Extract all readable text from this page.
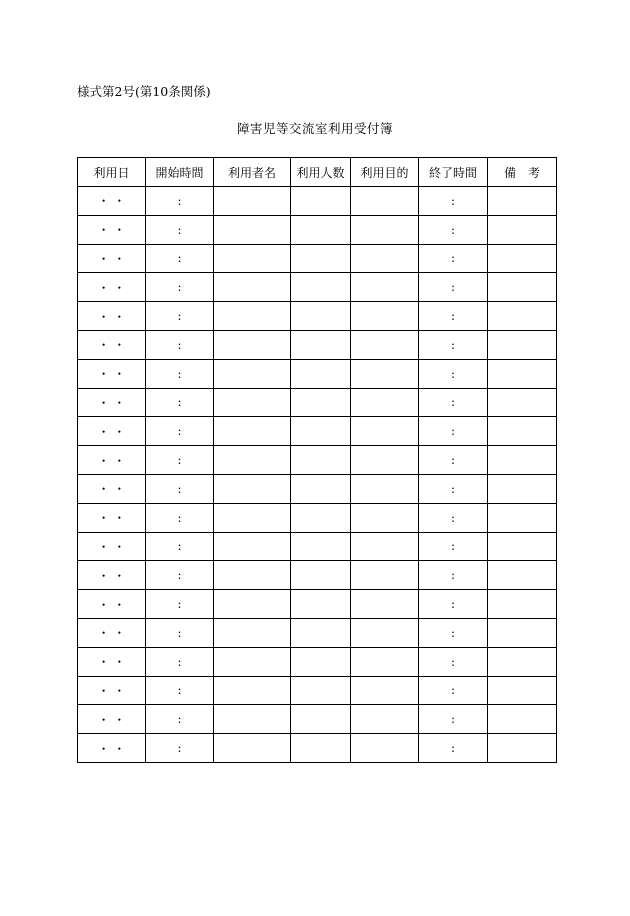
様式第2号(第10条関係)
障害児等交流室利用受付簿
利用日	開始時間	利用者名	利用人数	利用目的	終了時間	備　考
・ ・	:				:	
・ ・	:				:	
・ ・	:				:	
・ ・	:				:	
・ ・	:				:	
・ ・	:				:	
・ ・	:				:	
・ ・	:				:	
・ ・	:				:	
・ ・	:				:	
・ ・	:				:	
・ ・	:				:	
・ ・	:				:	
・ ・	:				:	
・ ・	:				:	
・ ・	:				:	
・ ・	:				:	
・ ・	:				:	
・ ・	:				:	
・ ・	:				:	
